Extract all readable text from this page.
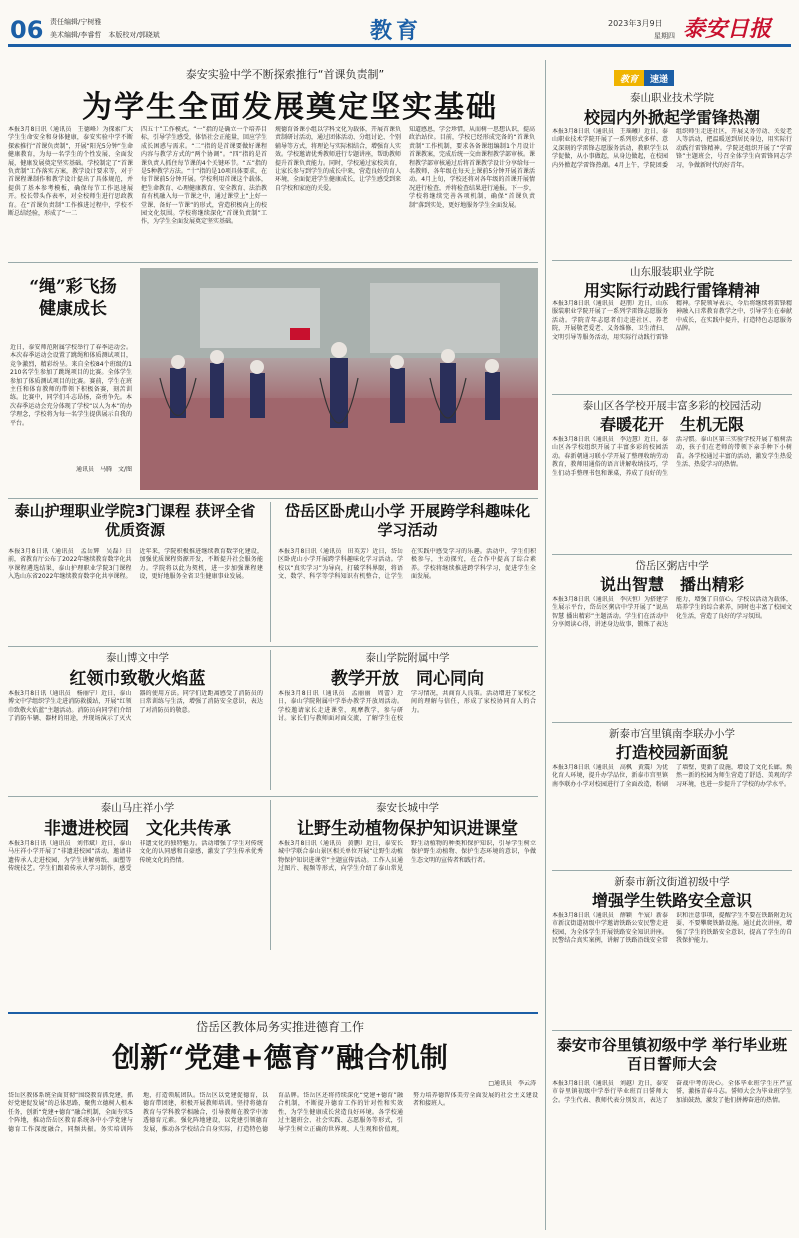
06 责任编辑/宁树雅
美术编辑/李睿哲　本版校对/郭晓斌	教育	2023年3月9日
星期四 泰安日报
泰安实验中学不断探索推行“首课负责制”
为学生全面发展奠定坚实基础
本报3月8日讯（通讯员　王德峰）为探索广大学生生命安全和身体健康，泰安实验中学不断探索推行“首课负责制”，开展“阳光5分钟”生命健康教育，为每一名学生的个性发展、全面发展，健康发展奠定坚实基础。学校制定了“首课负责制”工作落实方案，教学设计要求等，对于首课程课制作和教学设计提出了具体规范，并提供了基本参考模板，确保每节工作迅速展开。校长带头作表率，对全校师生进行思政教育。在“首课负责制”工作推进过程中，学校不断总结经验，形成了“一二
四五十”工作模式。“一”指的是确立一个培养目标，引导学生感受，体悟社会正能量，回应学生成长困惑与需求。“二”指的是首课要做好课程内容与教学方式的“两个协调”。“四”指的是首课负责人抓住每节课的4个关键环节。“五”指的是5种教学方法。“十”指的是10项具体要求，在每节课前5分钟开展。学校利用首课这个载体，把生命教育、心理健康教育、安全教育、法治教育有机融入每一节课之中，通过课堂上“上好一堂课、备好一节课”的形式，营造积极向上的校园文化氛围。学校将继续深化“首课负责制”工作，为学生全面发展奠定坚实基础。
规德育备课小组以学科文化为载体，开展首课负责制研讨活动，通过团体活动、分组讨论、个别辅导等方式，将理论与实际相结合，增强育人实效。学校邀请优秀教师进行专题讲座，帮助教师提升首课负责能力。同时，学校通过家校共育，让家长参与到学生的成长中来，营造良好的育人环境，全面促进学生健康成长，让学生感受到来自学校和家庭的关爱。
知道感恩，学会珍惜，从而树一思想认识，提高政治站位。目前，学校已经形成完备的“首课负责制”工作机制，要求各备课组编制1个月设计首课教案，完成后统一交由课程教学部审核。课程教学部审核通过后将首课教学设计分享给每一名教师，各年级在每天上课前5分钟开展首课活动。4月上旬，学校还将对各年级的首课开展情况进行检查，并将检查结果进行通报。下一步，学校将继续完善各项机制，确保“首课负责制”落到实处，更好地服务学生全面发展。
“绳”彩飞扬 健康成长
近日，泰安师范附属学校举行了春季运动会。本次春季运动会设置了跳绳和体质测试项目，竞争激烈，精彩纷呈。来自全校84个班级的1210名学生参加了跳绳项目的比赛。全体学生参加了体质测试项目的比赛。赛前，学生在班主任和体育教师的带领下积极备赛，刻苦训练。比赛中，同学们斗志昂扬，奋勇争先。本次春季运动会充分体现了学校“以人为本”的办学理念，学校将为每一名学生提供展示自我的平台。
通讯员　马腾　文/图
泰山护理职业学院3门课程 获评全省优质资源
本报3月8日讯（通讯员　孟岳辉　吴磊）日前，省教育厅公布了2022年继续教育数字化共享课程遴选结果，泰山护理职业学院3门课程入选山东省2022年继续教育数字化共享课程。近年来，学院积极推进继续教育数字化建设，加强优质课程资源开发，不断提升社会服务能力。学院将以此为契机，进一步加强课程建设，更好地服务全省卫生健康事业发展。
岱岳区卧虎山小学 开展跨学科趣味化学习活动
本报3月8日讯（通讯员　田英芳）近日，岱岳区卧虎山小学开展跨学科趣味化学习活动。学校以“真实学习”为导向，打破学科界限，将语文、数学、科学等学科知识有机整合，让学生在实践中感受学习的乐趣。活动中，学生们积极参与，主动探究，在合作中提高了综合素养。学校将继续推进跨学科学习，促进学生全面发展。
泰山博文中学
红领巾致敬火焰蓝
本报3月8日讯（通讯员　杨丽宁）近日，泰山博文中学组织学生走进消防救援站，开展“红领巾致敬火焰蓝”主题活动。消防员向同学们介绍了消防车辆、器材的用途，并现场演示了灭火器的使用方法。同学们近距离感受了消防员的日常训练与生活，增强了消防安全意识，表达了对消防员的敬意。
泰山学院附属中学
教学开放　同心同向
本报3月8日讯（通讯员　孟丽丽　周蕾）近日，泰山学院附属中学举办教学开放周活动。学校邀请家长走进课堂，观摩教学，参与研讨。家长们与教师面对面交流，了解学生在校学习情况，共商育人良策。活动增进了家校之间的理解与信任，形成了家校协同育人的合力。
泰山马庄祥小学
非遗进校园　文化共传承
本报3月8日讯（通讯员　刘伟斌）近日，泰山马庄祥小学开展了“非遗进校园”活动，邀请非遗传承人走进校园，为学生讲解剪纸、面塑等传统技艺。学生们跟着传承人学习制作，感受非遗文化的独特魅力。活动增强了学生对传统文化的认同感和自豪感，激发了学生传承优秀传统文化的热情。
泰安长城中学
让野生动植物保护知识进课堂
本报3月8日讯（通讯员　黄鹏）近日，泰安长城中学联合泰山景区相关单位开展“让野生动植物保护知识进课堂”主题宣传活动。工作人员通过图片、视频等形式，向学生介绍了泰山常见野生动植物的种类和保护知识，引导学生树立保护野生动植物、保护生态环境的意识，争做生态文明的宣传者和践行者。
岱岳区教体局务实推进德育工作
创新“党建+德育”融合机制
□通讯员　李云涛
岱岳区教体系统全面贯彻“围绕教育抓党建，抓好党建促发展”的总体思路，聚焦立德树人根本任务，创新“党建+德育”融合机制，全面夯实5个阵地，推动岱岳区教育系统各中小学党建与德育工作深度融合，同频共振。务实培训阵地，打造领航团队。岱岳区以党建促德育，以德育带团建，积极开展教师培训。坚持将德育教育与学科教学相融合，引导教师在教学中渗透德育元素。强化阵地建设，以党建引领德育发展，推动各学校结合自身实际，打造特色德育品牌。岱岳区还将持续深化“党建+德育”融合机制，不断提升德育工作的针对性和实效性，为学生健康成长营造良好环境。各学校通过主题班会、社会实践、志愿服务等形式，引导学生树立正确的世界观、人生观和价值观，努力培养德智体美劳全面发展的社会主义建设者和接班人。
教育	速递
泰山职业技术学院
校园内外掀起学雷锋热潮
本报3月8日讯（通讯员　王瑶曦）近日，泰山职业技术学院开展了一系列形式多样、意义深刻的学雷锋志愿服务活动，教职学生以学促做，从小事做起，从身边做起，在校园内外掀起学雷锋热潮。4月上午，学院团委组织师生走进社区，开展义务劳动、关爱老人等活动，把温暖送到居民身边，用实际行动践行雷锋精神。学院还组织开展了“学雷锋”主题班会，号召全体学生向雷锋同志学习，争做新时代的好青年。
山东服装职业学院
用实际行动践行雷锋精神
本报3月8日讯（通讯员　赵朋）近日，山东服装职业学院开展了一系列学雷锋志愿服务活动。学院青年志愿者们走进社区、养老院，开展敬老爱老、义务维修、卫生清扫、文明引导等服务活动，用实际行动践行雷锋精神。学院领导表示，今后将继续将雷锋精神融入日常教育教学之中，引导学生在奉献中成长，在实践中提升，打造特色志愿服务品牌。
泰山区各学校开展丰富多彩的校园活动
春暖花开　生机无限
本报3月8日讯（通讯员　李边慧）近日，泰山区各学校组织开展了丰富多彩的校园活动。春新朝通习联小学开展了整理收纳劳动教育，教师用通俗的语言讲解收纳技巧，学生们动手整理书包和课桌，养成了良好的生活习惯。泰山区第三实验学校开展了植树活动，孩子们在老师的带领下亲手种下小树苗。各学校通过丰富的活动，激发学生热爱生活、热爱学习的热情。
岱岳区粥店中学
说出智慧　播出精彩
本报3月8日讯（通讯员　李庆恒）为搭建学生展示平台，岱岳区粥店中学开展了“说出智慧 播出精彩”主题活动。学生们在活动中分享阅读心得，讲述身边故事，锻炼了表达能力，增强了自信心。学校以活动为载体，培养学生的综合素养，同时也丰富了校园文化生活，营造了良好的学习氛围。
新泰市宫里镇南李联办小学
打造校园新面貌
本报3月8日讯（通讯员　高枫　黄震）为优化育人环境，提升办学品位，新泰市宫里镇南李联办小学对校园进行了全面改造，粉刷了墙壁，更新了设施，增设了文化长廊。焕然一新的校园为师生营造了舒适、美观的学习环境，也进一步提升了学校的办学水平。
新泰市新汶街道初级中学
增强学生铁路安全意识
本报3月8日讯（通讯员　薛颖　牛宸）新泰市新汶街道初级中学邀请铁路公安民警走进校园，为全体学生开展铁路安全知识讲座。民警结合真实案例，讲解了铁路沿线安全常识和注意事项，提醒学生不要在铁路附近玩耍、不要攀爬铁路设施。通过此次讲座，增强了学生的铁路安全意识，提高了学生的自我保护能力。
泰安市谷里镇初级中学 举行毕业班百日誓师大会
本报3月8日讯（通讯员　刘越）近日，泰安市谷里镇初级中学举行毕业班百日誓师大会。学生代表、教师代表分别发言，表达了奋战中考的决心。全体毕业班学生庄严宣誓，激扬青春斗志。誓师大会为毕业班学生加油鼓劲，激发了他们拼搏奋进的热情。
